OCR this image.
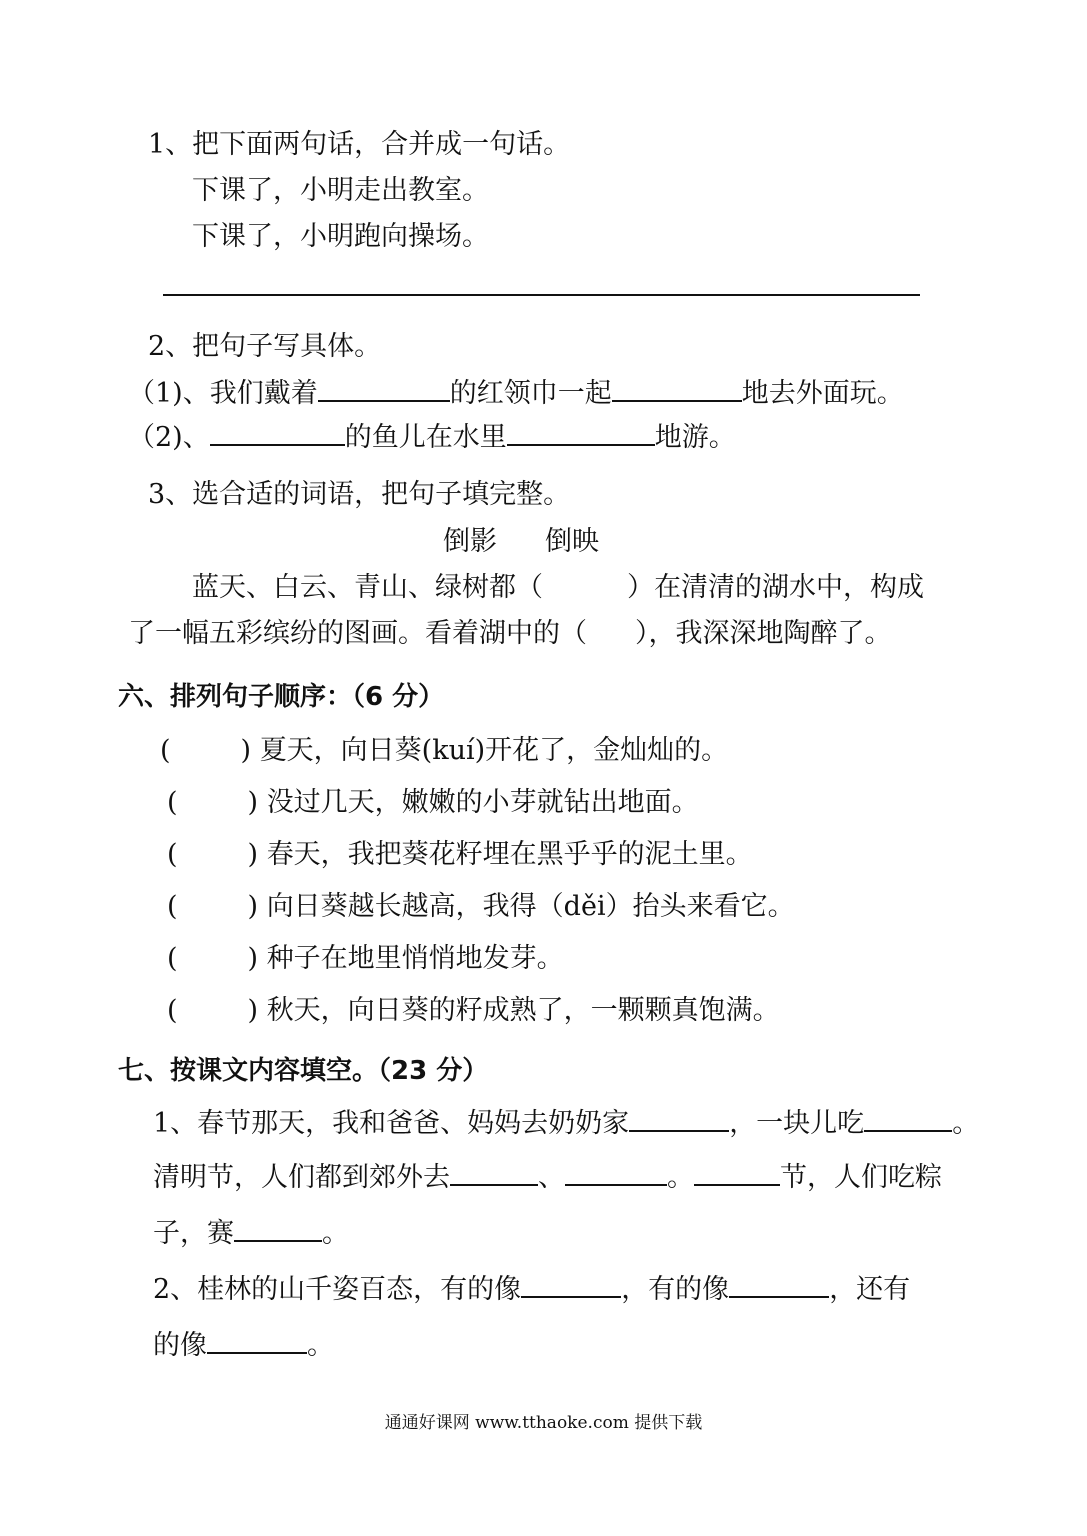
1、把下面两句话，合并成一句话。
下课了，小明走出教室。
下课了，小明跑向操场。
2、把句子写具体。
（1)、我们戴着	的红领巾一起	地去外面玩。
（2)、	的鱼儿在水里	地游。
3、选合适的词语，把句子填完整。
倒影 倒映
蓝天、白云、青山、绿树都（	）在清清的湖水中，构成
了一幅五彩缤纷的图画。看着湖中的（ ），我深深地陶醉了。
六、排列句子顺序：（6 分）
(	) 夏天，向日葵(kuí)开花了，金灿灿的。
(	) 没过几天，嫩嫩的小芽就钻出地面。
(	) 春天，我把葵花籽埋在黑乎乎的泥土里。
(	) 向日葵越长越高，我得（děi）抬头来看它。
(	) 种子在地里悄悄地发芽。
(	) 秋天，向日葵的籽成熟了，一颗颗真饱满。
七、按课文内容填空。（23 分）
1、春节那天，我和爸爸、妈妈去奶奶家	，一块儿吃	。
清明节，人们都到郊外去	、	。	节，人们吃粽
子，赛	。
2、桂林的山千姿百态，有的像	，有的像	，还有
的像	。
通通好课网 www.tthaoke.com 提供下载
